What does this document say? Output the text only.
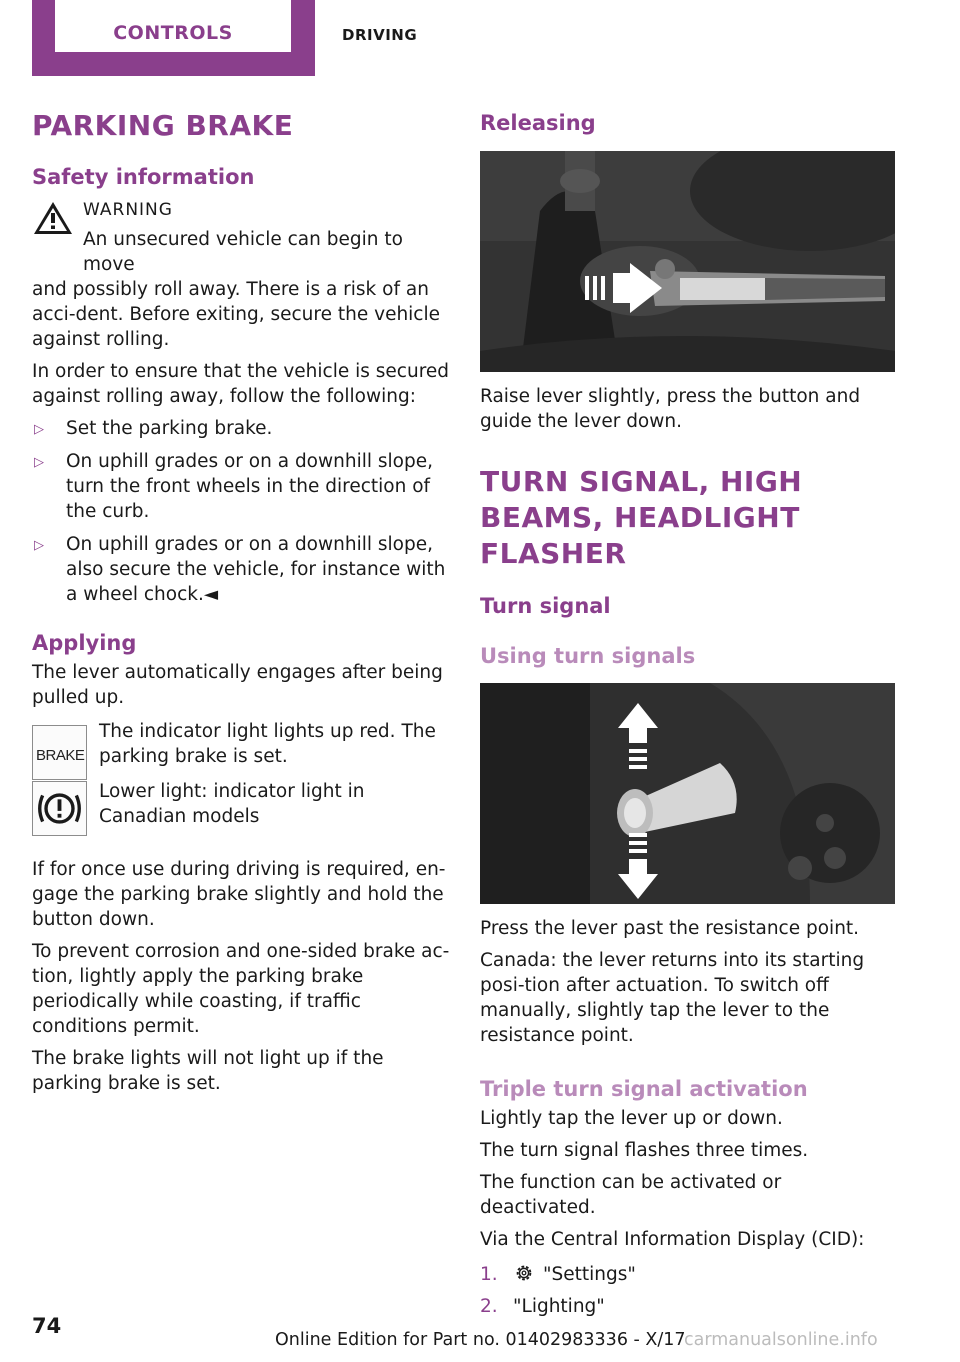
CONTROLS	DRIVING
PARKING BRAKE
Safety information
WARNING
An unsecured vehicle can begin to move

and possibly roll away. There is a risk of an acci-dent. Before exiting, secure the vehicle against rolling.

In order to ensure that the vehicle is secured against rolling away, follow the following:

▷ Set the parking brake.
▷ On uphill grades or on a downhill slope, turn the front wheels in the direction of the curb.
▷ On uphill grades or on a downhill slope, also secure the vehicle, for instance with a wheel chock.◄
Applying

The lever automatically engages after being pulled up.

BRAKE
The indicator light lights up red. The parking brake is set.
Lower light: indicator light in Canadian models

If for once use during driving is required, en-gage the parking brake slightly and hold the button down.

To prevent corrosion and one-sided brake ac-tion, lightly apply the parking brake periodically while coasting, if traffic conditions permit.

The brake lights will not light up if the parking brake is set.

Releasing

Raise lever slightly, press the button and guide the lever down.

TURN SIGNAL, HIGH BEAMS, HEADLIGHT FLASHER
Turn signal
Using turn signals

Press the lever past the resistance point.

Canada: the lever returns into its starting posi-tion after actuation. To switch off manually, slightly tap the lever to the resistance point.

Triple turn signal activation

Lightly tap the lever up or down.

The turn signal flashes three times.

The function can be activated or deactivated.

Via the Central Information Display (CID):

1. "Settings"
2. "Lighting"
74
Online Edition for Part no. 01402983336 - X/17
carmanualsonline.info
